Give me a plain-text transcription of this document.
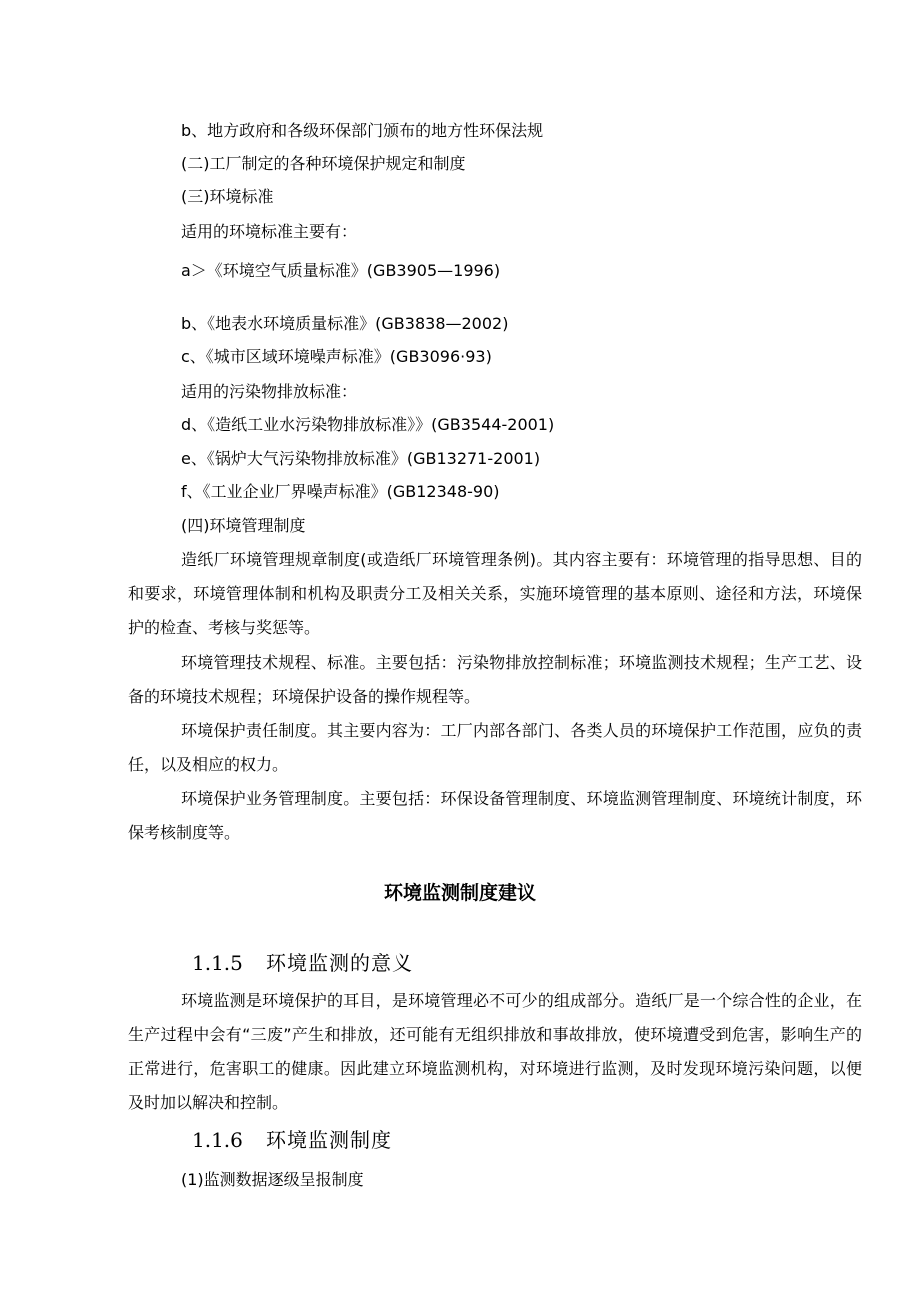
b、地方政府和各级环保部门颁布的地方性环保法规
(二)工厂制定的各种环境保护规定和制度
(三)环境标准
适用的环境标准主要有：
a＞《环境空气质量标准》(GB3905—1996)
b、《地表水环境质量标准》(GB3838—2002)
c、《城市区域环境噪声标准》(GB3096·93)
适用的污染物排放标准：
d、《造纸工业水污染物排放标准》》(GB3544-2001)
e、《锅炉大气污染物排放标准》(GB13271-2001)
f、《工业企业厂界噪声标准》(GB12348-90)
(四)环境管理制度
造纸厂环境管理规章制度(或造纸厂环境管理条例)。其内容主要有：环境管理的指导思想、目的和要求，环境管理体制和机构及职责分工及相关关系，实施环境管理的基本原则、途径和方法，环境保护的检查、考核与奖惩等。
环境管理技术规程、标准。主要包括：污染物排放控制标准；环境监测技术规程；生产工艺、设备的环境技术规程；环境保护设备的操作规程等。
环境保护责任制度。其主要内容为：工厂内部各部门、各类人员的环境保护工作范围，应负的责任，以及相应的权力。
环境保护业务管理制度。主要包括：环保设备管理制度、环境监测管理制度、环境统计制度，环保考核制度等。
环境监测制度建议
1.1.5 环境监测的意义
环境监测是环境保护的耳目，是环境管理必不可少的组成部分。造纸厂是一个综合性的企业，在生产过程中会有“三废”产生和排放，还可能有无组织排放和事故排放，使环境遭受到危害，影响生产的正常进行，危害职工的健康。因此建立环境监测机构，对环境进行监测，及时发现环境污染问题，以便及时加以解决和控制。
1.1.6 环境监测制度
(1)监测数据逐级呈报制度
